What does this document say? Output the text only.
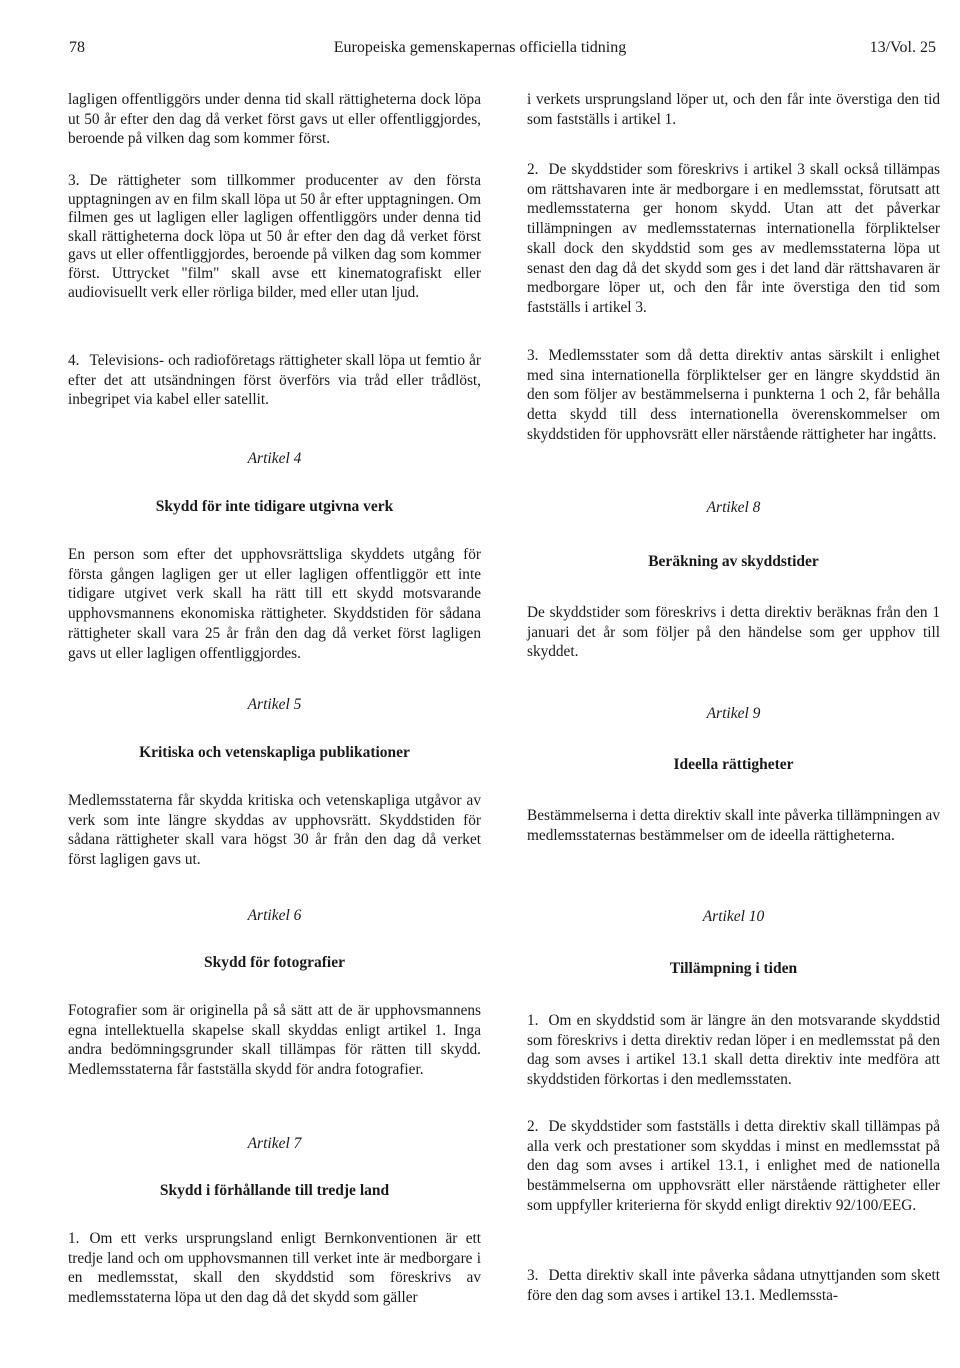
78	Europeiska gemenskapernas officiella tidning	13/Vol. 25

lagligen offentliggörs under denna tid skall rättigheterna dock löpa ut 50 år efter den dag då verket först gavs ut eller offentliggjordes, beroende på vilken dag som kommer först.

3. De rättigheter som tillkommer producenter av den första upptagningen av en film skall löpa ut 50 år efter upptagningen. Om filmen ges ut lagligen eller lagligen offentliggörs under denna tid skall rättigheterna dock löpa ut 50 år efter den dag då verket först gavs ut eller offentliggjordes, beroende på vilken dag som kommer först. Uttrycket "film" skall avse ett kinematografiskt eller audiovisuellt verk eller rörliga bilder, med eller utan ljud.

4. Televisions- och radioföretags rättigheter skall löpa ut femtio år efter det att utsändningen först överförs via tråd eller trådlöst, inbegripet via kabel eller satellit.

Artikel 4

Skydd för inte tidigare utgivna verk

En person som efter det upphovsrättsliga skyddets utgång för första gången lagligen ger ut eller lagligen offentliggör ett inte tidigare utgivet verk skall ha rätt till ett skydd motsvarande upphovsmannens ekonomiska rättigheter. Skyddstiden för sådana rättigheter skall vara 25 år från den dag då verket först lagligen gavs ut eller lagligen offentliggjordes.

Artikel 5

Kritiska och vetenskapliga publikationer

Medlemsstaterna får skydda kritiska och vetenskapliga utgåvor av verk som inte längre skyddas av upphovsrätt. Skyddstiden för sådana rättigheter skall vara högst 30 år från den dag då verket först lagligen gavs ut.

Artikel 6

Skydd för fotografier

Fotografier som är originella på så sätt att de är upphovsmannens egna intellektuella skapelse skall skyddas enligt artikel 1. Inga andra bedömningsgrunder skall tillämpas för rätten till skydd. Medlemsstaterna får fastställa skydd för andra fotografier.

Artikel 7

Skydd i förhållande till tredje land

1. Om ett verks ursprungsland enligt Bernkonventionen är ett tredje land och om upphovsmannen till verket inte är medborgare i en medlemsstat, skall den skyddstid som föreskrivs av medlemsstaterna löpa ut den dag då det skydd som gäller

i verkets ursprungsland löper ut, och den får inte överstiga den tid som fastställs i artikel 1.

2. De skyddstider som föreskrivs i artikel 3 skall också tillämpas om rättshavaren inte är medborgare i en medlemsstat, förutsatt att medlemsstaterna ger honom skydd. Utan att det påverkar tillämpningen av medlemsstaternas internationella förpliktelser skall dock den skyddstid som ges av medlemsstaterna löpa ut senast den dag då det skydd som ges i det land där rättshavaren är medborgare löper ut, och den får inte överstiga den tid som fastställs i artikel 3.

3. Medlemsstater som då detta direktiv antas särskilt i enlighet med sina internationella förpliktelser ger en längre skyddstid än den som följer av bestämmelserna i punkterna 1 och 2, får behålla detta skydd till dess internationella överenskommelser om skyddstiden för upphovsrätt eller närstående rättigheter har ingåtts.

Artikel 8

Beräkning av skyddstider

De skyddstider som föreskrivs i detta direktiv beräknas från den 1 januari det år som följer på den händelse som ger upphov till skyddet.

Artikel 9

Ideella rättigheter

Bestämmelserna i detta direktiv skall inte påverka tillämpningen av medlemsstaternas bestämmelser om de ideella rättigheterna.

Artikel 10

Tillämpning i tiden

1. Om en skyddstid som är längre än den motsvarande skyddstid som föreskrivs i detta direktiv redan löper i en medlemsstat på den dag som avses i artikel 13.1 skall detta direktiv inte medföra att skyddstiden förkortas i den medlemsstaten.

2. De skyddstider som fastställs i detta direktiv skall tillämpas på alla verk och prestationer som skyddas i minst en medlemsstat på den dag som avses i artikel 13.1, i enlighet med de nationella bestämmelserna om upphovsrätt eller närstående rättigheter eller som uppfyller kriterierna för skydd enligt direktiv 92/100/EEG.

3. Detta direktiv skall inte påverka sådana utnyttjanden som skett före den dag som avses i artikel 13.1. Medlemssta-
